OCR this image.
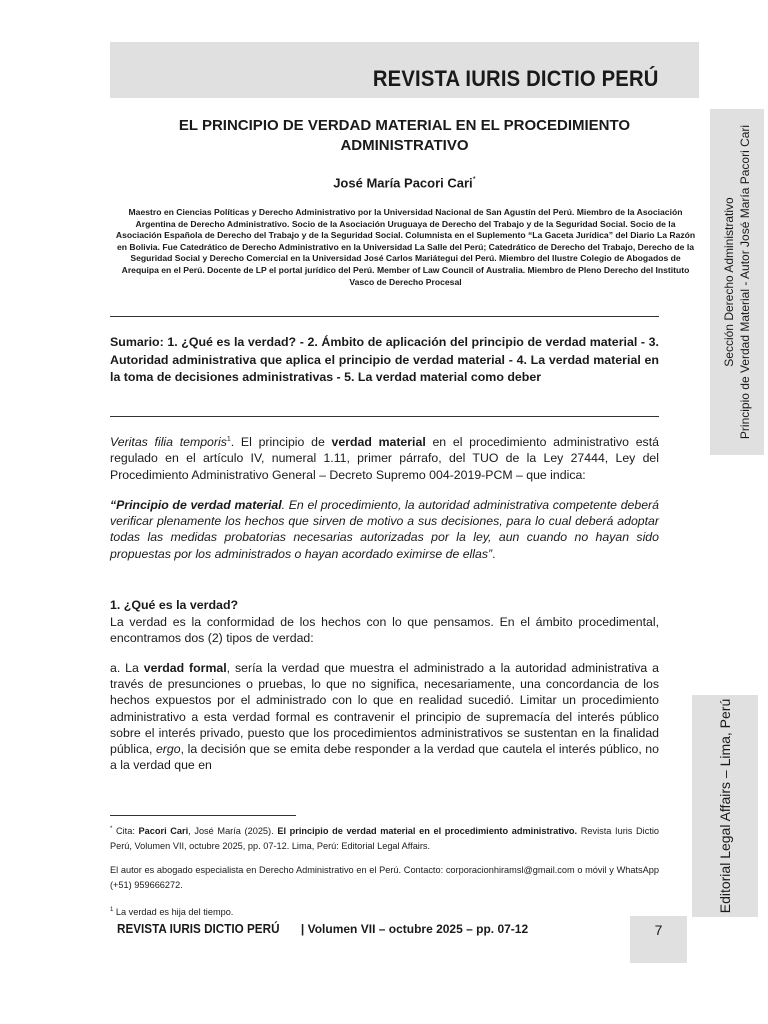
REVISTA IURIS DICTIO PERÚ
Sección Derecho Administrativo Principio de Verdad Material - Autor José María Pacori Cari
Editorial Legal Affairs – Lima, Perú
EL PRINCIPIO DE VERDAD MATERIAL EN EL PROCEDIMIENTO
ADMINISTRATIVO
José María Pacori Cari*
Maestro en Ciencias Políticas y Derecho Administrativo por la Universidad Nacional de San Agustín del Perú. Miembro de la Asociación Argentina de Derecho Administrativo. Socio de la Asociación Uruguaya de Derecho del Trabajo y de la Seguridad Social. Socio de la Asociación Española de Derecho del Trabajo y de la Seguridad Social. Columnista en el Suplemento “La Gaceta Jurídica” del Diario La Razón en Bolivia. Fue Catedrático de Derecho Administrativo en la Universidad La Salle del Perú; Catedrático de Derecho del Trabajo, Derecho de la Seguridad Social y Derecho Comercial en la Universidad José Carlos Mariátegui del Perú. Miembro del Ilustre Colegio de Abogados de Arequipa en el Perú. Docente de LP el portal jurídico del Perú. Member of Law Council of Australia. Miembro de Pleno Derecho del Instituto Vasco de Derecho Procesal
Sumario: 1. ¿Qué es la verdad? - 2. Ámbito de aplicación del principio de verdad material - 3. Autoridad administrativa que aplica el principio de verdad material - 4. La verdad material en la toma de decisiones administrativas - 5. La verdad material como deber
Veritas filia temporis$^1$. El principio de verdad material en el procedimiento administrativo está regulado en el artículo IV, numeral 1.11, primer párrafo, del TUO de la Ley 27444, Ley del Procedimiento Administrativo General – Decreto Supremo 004-2019-PCM – que indica:
“Principio de verdad material. En el procedimiento, la autoridad administrativa competente deberá verificar plenamente los hechos que sirven de motivo a sus decisiones, para lo cual deberá adoptar todas las medidas probatorias necesarias autorizadas por la ley, aun cuando no hayan sido propuestas por los administrados o hayan acordado eximirse de ellas”.
1. ¿Qué es la verdad?
La verdad es la conformidad de los hechos con lo que pensamos. En el ámbito procedimental, encontramos dos (2) tipos de verdad:
a. La verdad formal, sería la verdad que muestra el administrado a la autoridad administrativa a través de presunciones o pruebas, lo que no significa, necesariamente, una concordancia de los hechos expuestos por el administrado con lo que en realidad sucedió. Limitar un procedimiento administrativo a esta verdad formal es contravenir el principio de supremacía del interés público sobre el interés privado, puesto que los procedimientos administrativos se sustentan en la finalidad pública, ergo, la decisión que se emita debe responder a la verdad que cautela el interés público, no a la verdad que en
* Cita: Pacori Cari, José María (2025). El principio de verdad material en el procedimiento administrativo. Revista Iuris Dictio Perú, Volumen VII, octubre 2025, pp. 07-12. Lima, Perú: Editorial Legal Affairs.
El autor es abogado especialista en Derecho Administrativo en el Perú. Contacto: corporacionhiramsl@gmail.com o móvil y WhatsApp (+51) 959666272.
$^1$ La verdad es hija del tiempo.
REVISTA IURIS DICTIO PERÚ | Volumen VII – octubre 2025 – pp. 07-12	7
